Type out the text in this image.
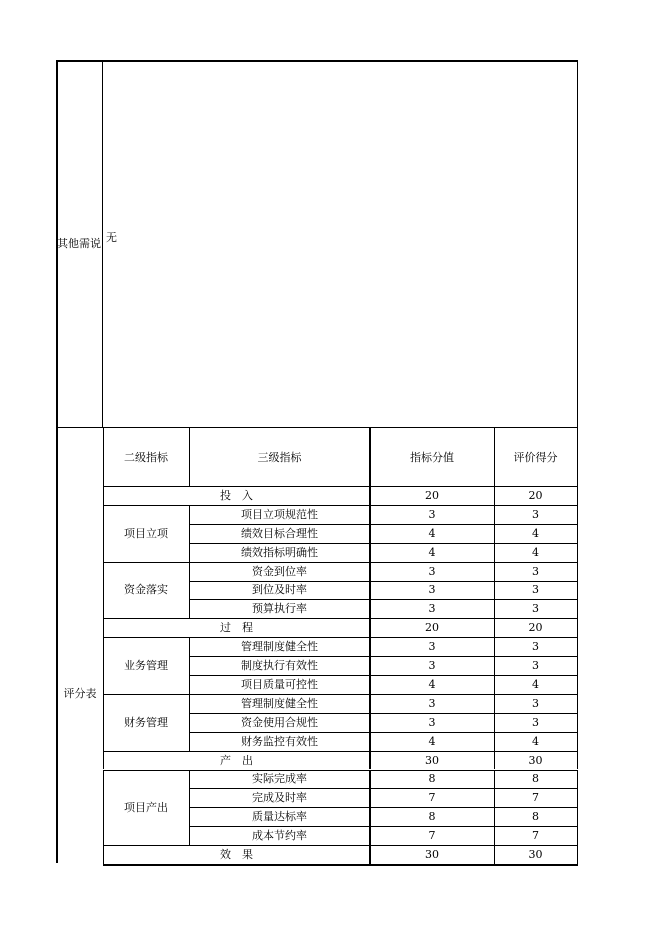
其他需说 无
评分表
二级指标	三级指标	指标分值	评价得分
投　入	20	20
项目立项
项目立项规范性	3	3
绩效目标合理性	4	4
绩效指标明确性	4	4
资金落实
资金到位率	3	3
到位及时率	3	3
预算执行率	3	3
过　程	20	20
业务管理
管理制度健全性	3	3
制度执行有效性	3	3
项目质量可控性	4	4
财务管理
管理制度健全性	3	3
资金使用合规性	3	3
财务监控有效性	4	4
产　出	30	30
项目产出
实际完成率	8	8
完成及时率	7	7
质量达标率	8	8
成本节约率	7	7
效　果	30	30
